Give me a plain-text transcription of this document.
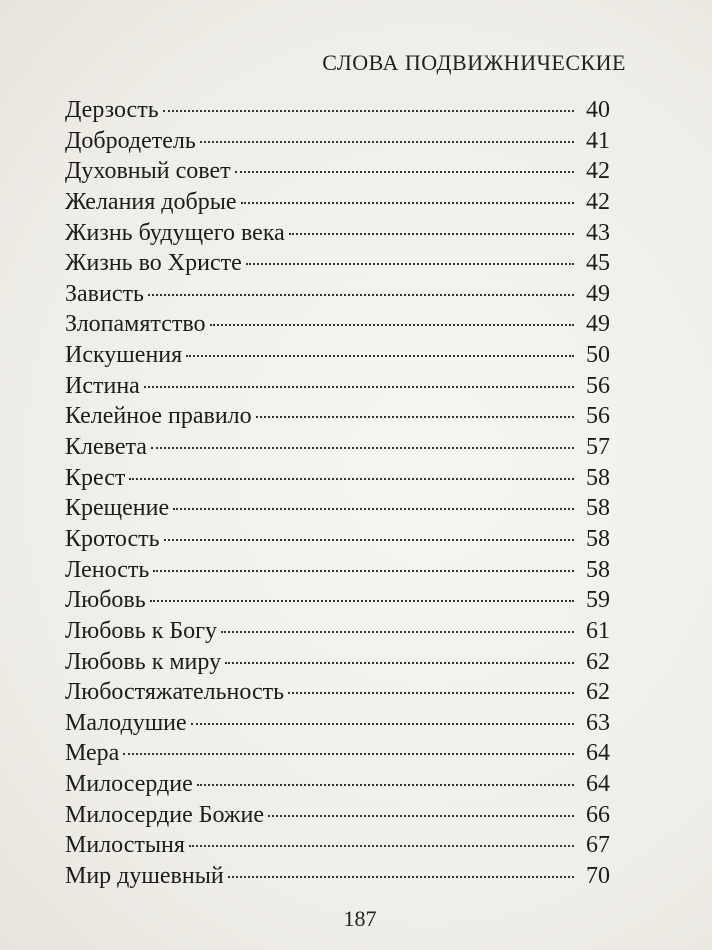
СЛОВА ПОДВИЖНИЧЕСКИЕ
Дерзость	40
Добродетель	41
Духовный совет	42
Желания добрые	42
Жизнь будущего века	43
Жизнь во Христе	45
Зависть	49
Злопамятство	49
Искушения	50
Истина	56
Келейное правило	56
Клевета	57
Крест	58
Крещение	58
Кротость	58
Леность	58
Любовь	59
Любовь к Богу	61
Любовь к миру	62
Любостяжательность	62
Малодушие	63
Мера	64
Милосердие	64
Милосердие Божие	66
Милостыня	67
Мир душевный	70
187
